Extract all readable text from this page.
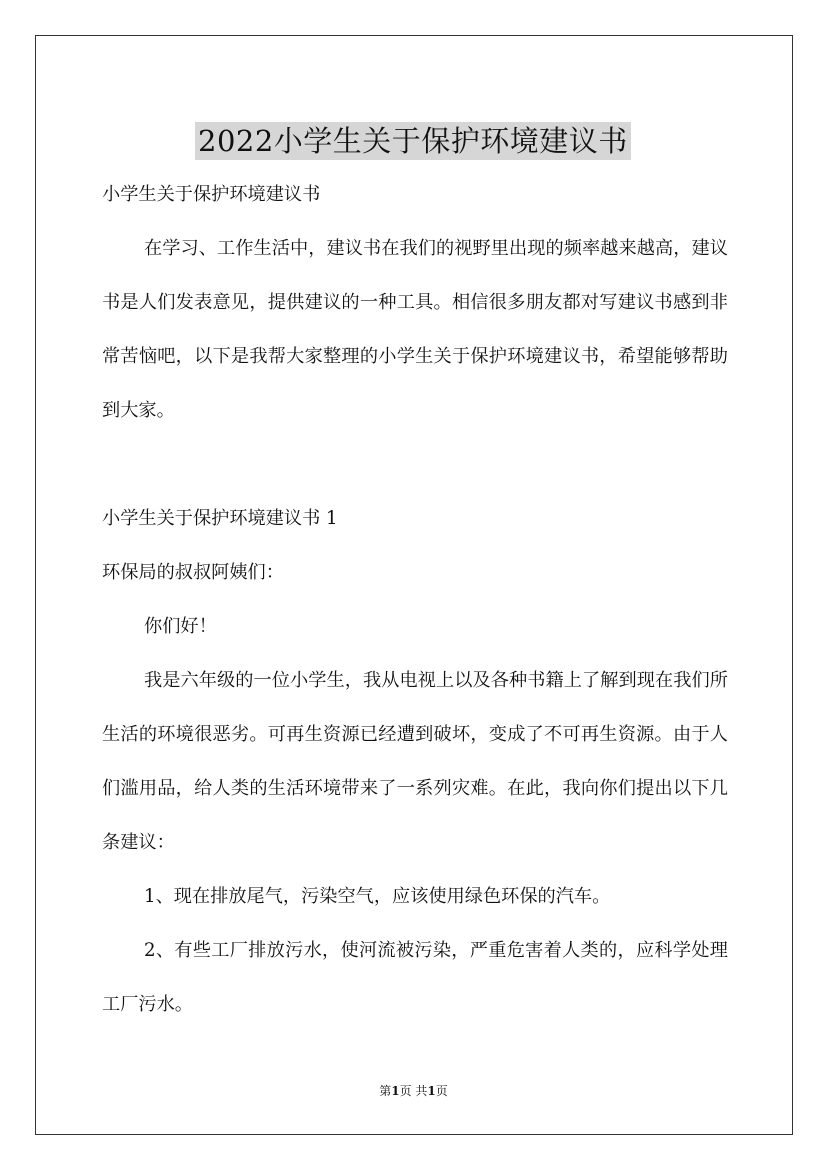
2022小学生关于保护环境建议书

小学生关于保护环境建议书

在学习、工作生活中，建议书在我们的视野里出现的频率越来越高，建议书是人们发表意见，提供建议的一种工具。相信很多朋友都对写建议书感到非常苦恼吧，以下是我帮大家整理的小学生关于保护环境建议书，希望能够帮助到大家。

小学生关于保护环境建议书 1

环保局的叔叔阿姨们：

你们好！

我是六年级的一位小学生，我从电视上以及各种书籍上了解到现在我们所生活的环境很恶劣。可再生资源已经遭到破坏，变成了不可再生资源。由于人们滥用品，给人类的生活环境带来了一系列灾难。在此，我向你们提出以下几条建议：

1、现在排放尾气，污染空气，应该使用绿色环保的汽车。

2、有些工厂排放污水，使河流被污染，严重危害着人类的，应科学处理工厂污水。

第1页 共1页
